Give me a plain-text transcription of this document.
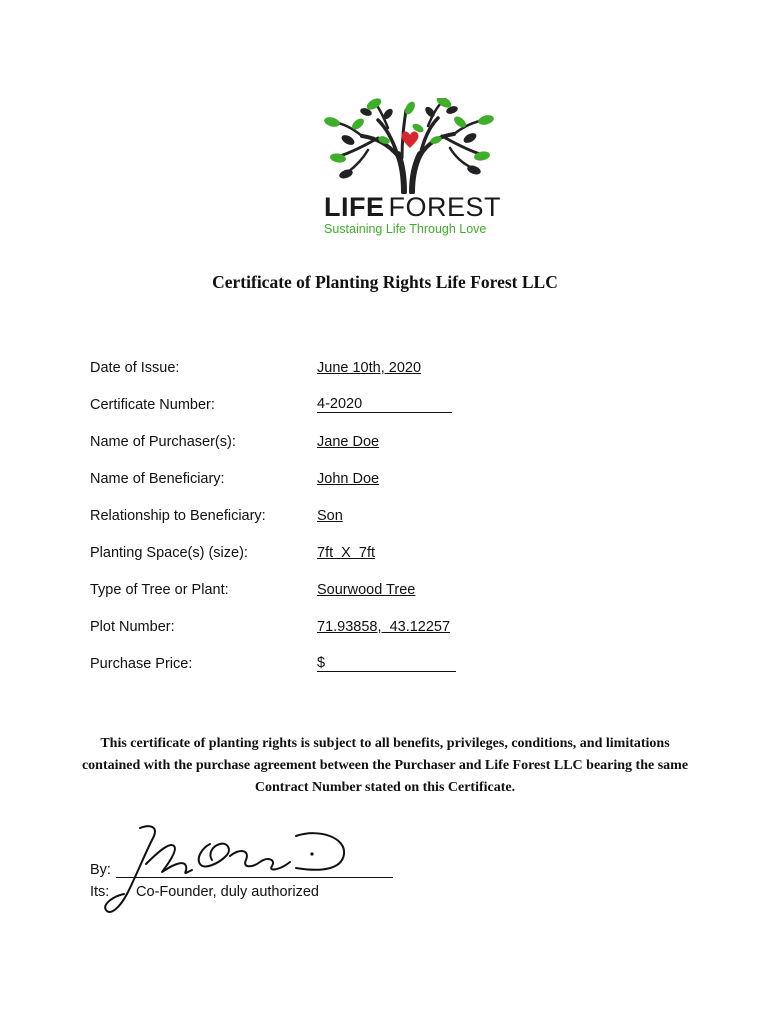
LIFE FOREST
Sustaining Life Through Love
Certificate of Planting Rights Life Forest LLC
Date of Issue:	June 10th, 2020
Certificate Number:	4-2020
Name of Purchaser(s):	Jane Doe
Name of Beneficiary:	John Doe
Relationship to Beneficiary:	Son
Planting Space(s) (size):	7ft  X  7ft
Type of Tree or Plant:	Sourwood Tree
Plot Number:	71.93858,  43.12257
Purchase Price:	$
This certificate of planting rights is subject to all benefits, privileges, conditions, and limitations contained with the purchase agreement between the Purchaser and Life Forest LLC bearing the same Contract Number stated on this Certificate.
By:
Its: Co-Founder, duly authorized
